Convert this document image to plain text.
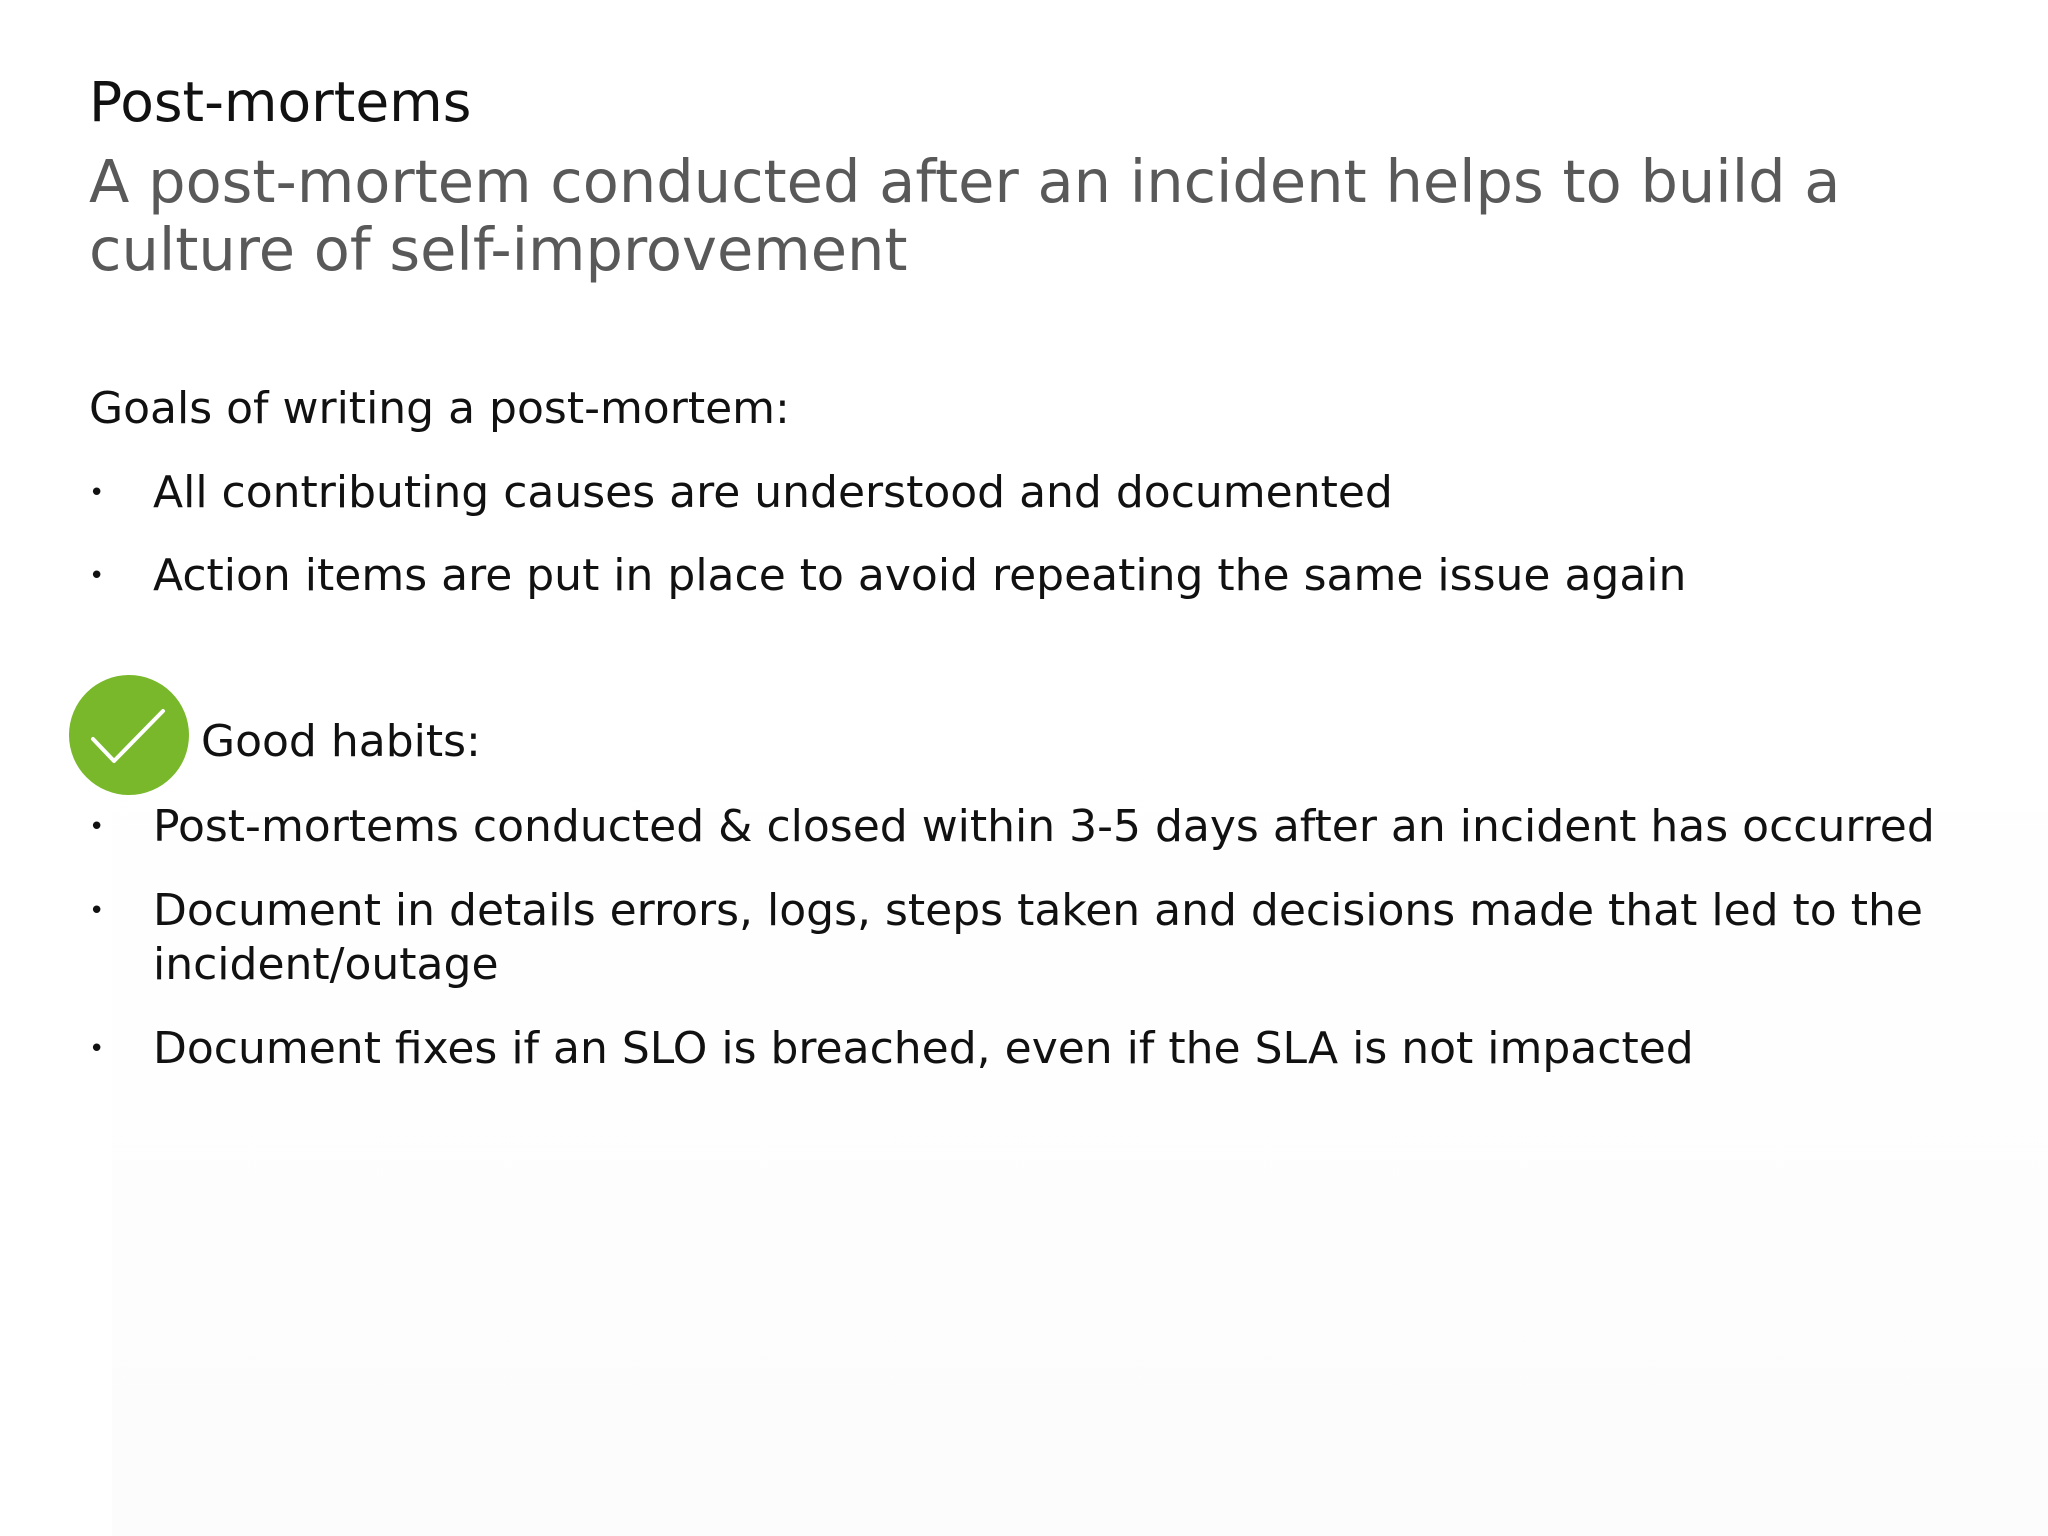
Post-mortems
A post-mortem conducted after an incident helps to build a culture of self-improvement
Goals of writing a post-mortem:
• All contributing causes are understood and documented
• Action items are put in place to avoid repeating the same issue again
Good habits:
• Post-mortems conducted & closed within 3-5 days after an incident has occurred
• Document in details errors, logs, steps taken and decisions made that led to the incident/outage
• Document fixes if an SLO is breached, even if the SLA is not impacted
